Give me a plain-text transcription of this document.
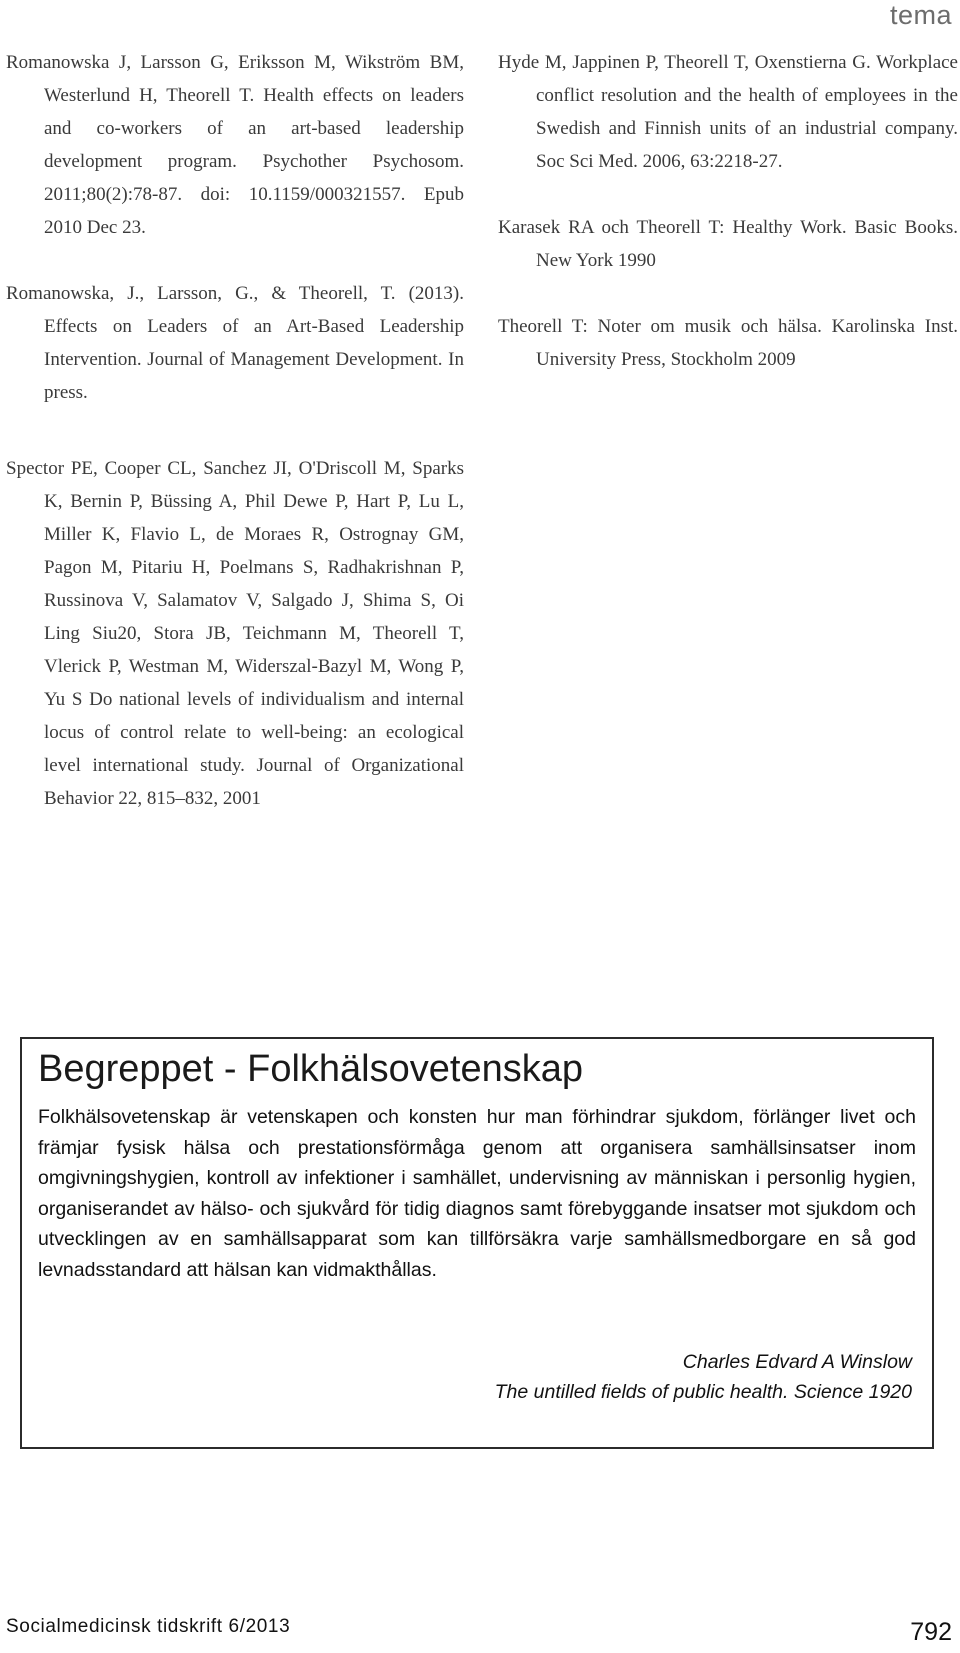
tema

Romanowska J, Larsson G, Eriksson M, Wikström BM, Westerlund H, Theorell T. Health effects on leaders and co-workers of an art-based leadership development program. Psychother Psychosom. 2011;80(2):78-87. doi: 10.1159/000321557. Epub 2010 Dec 23.

Romanowska, J., Larsson, G., & Theorell, T. (2013). Effects on Leaders of an Art-Based Leadership Intervention. Journal of Management Development. In press.

Spector PE, Cooper CL, Sanchez JI, O'Driscoll M, Sparks K, Bernin P, Büssing A, Phil Dewe P, Hart P, Lu L, Miller K, Flavio L, de Moraes R, Ostrognay GM, Pagon M, Pitariu H, Poelmans S, Radhakrishnan P, Russinova V, Salamatov V, Salgado J, Shima S, Oi Ling Siu20, Stora JB, Teichmann M, Theorell T, Vlerick P, Westman M, Widerszal-Bazyl M, Wong P, Yu S Do national levels of individualism and internal locus of control relate to well-being: an ecological level international study. Journal of Organizational Behavior 22, 815–832, 2001

Hyde M, Jappinen P, Theorell T, Oxenstierna G. Workplace conflict resolution and the health of employees in the Swedish and Finnish units of an industrial company. Soc Sci Med. 2006, 63:2218-27.

Karasek RA och Theorell T: Healthy Work. Basic Books. New York 1990

Theorell T: Noter om musik och hälsa. Karolinska Inst. University Press, Stockholm 2009

Begreppet - Folkhälsovetenskap
Folkhälsovetenskap är vetenskapen och konsten hur man förhindrar sjukdom, förlänger livet och främjar fysisk hälsa och prestationsförmåga genom att organisera samhällsinsatser inom omgivningshygien, kontroll av infektioner i samhället, undervisning av människan i personlig hygien, organiserandet av hälso- och sjukvård för tidig diagnos samt förebyggande insatser mot sjukdom och utvecklingen av en samhällsapparat som kan tillförsäkra varje samhällsmedborgare en så god levnadsstandard att hälsan kan vidmakthållas.
Charles Edvard A Winslow
The untilled fields of public health. Science 1920
Socialmedicinsk tidskrift 6/2013	792
